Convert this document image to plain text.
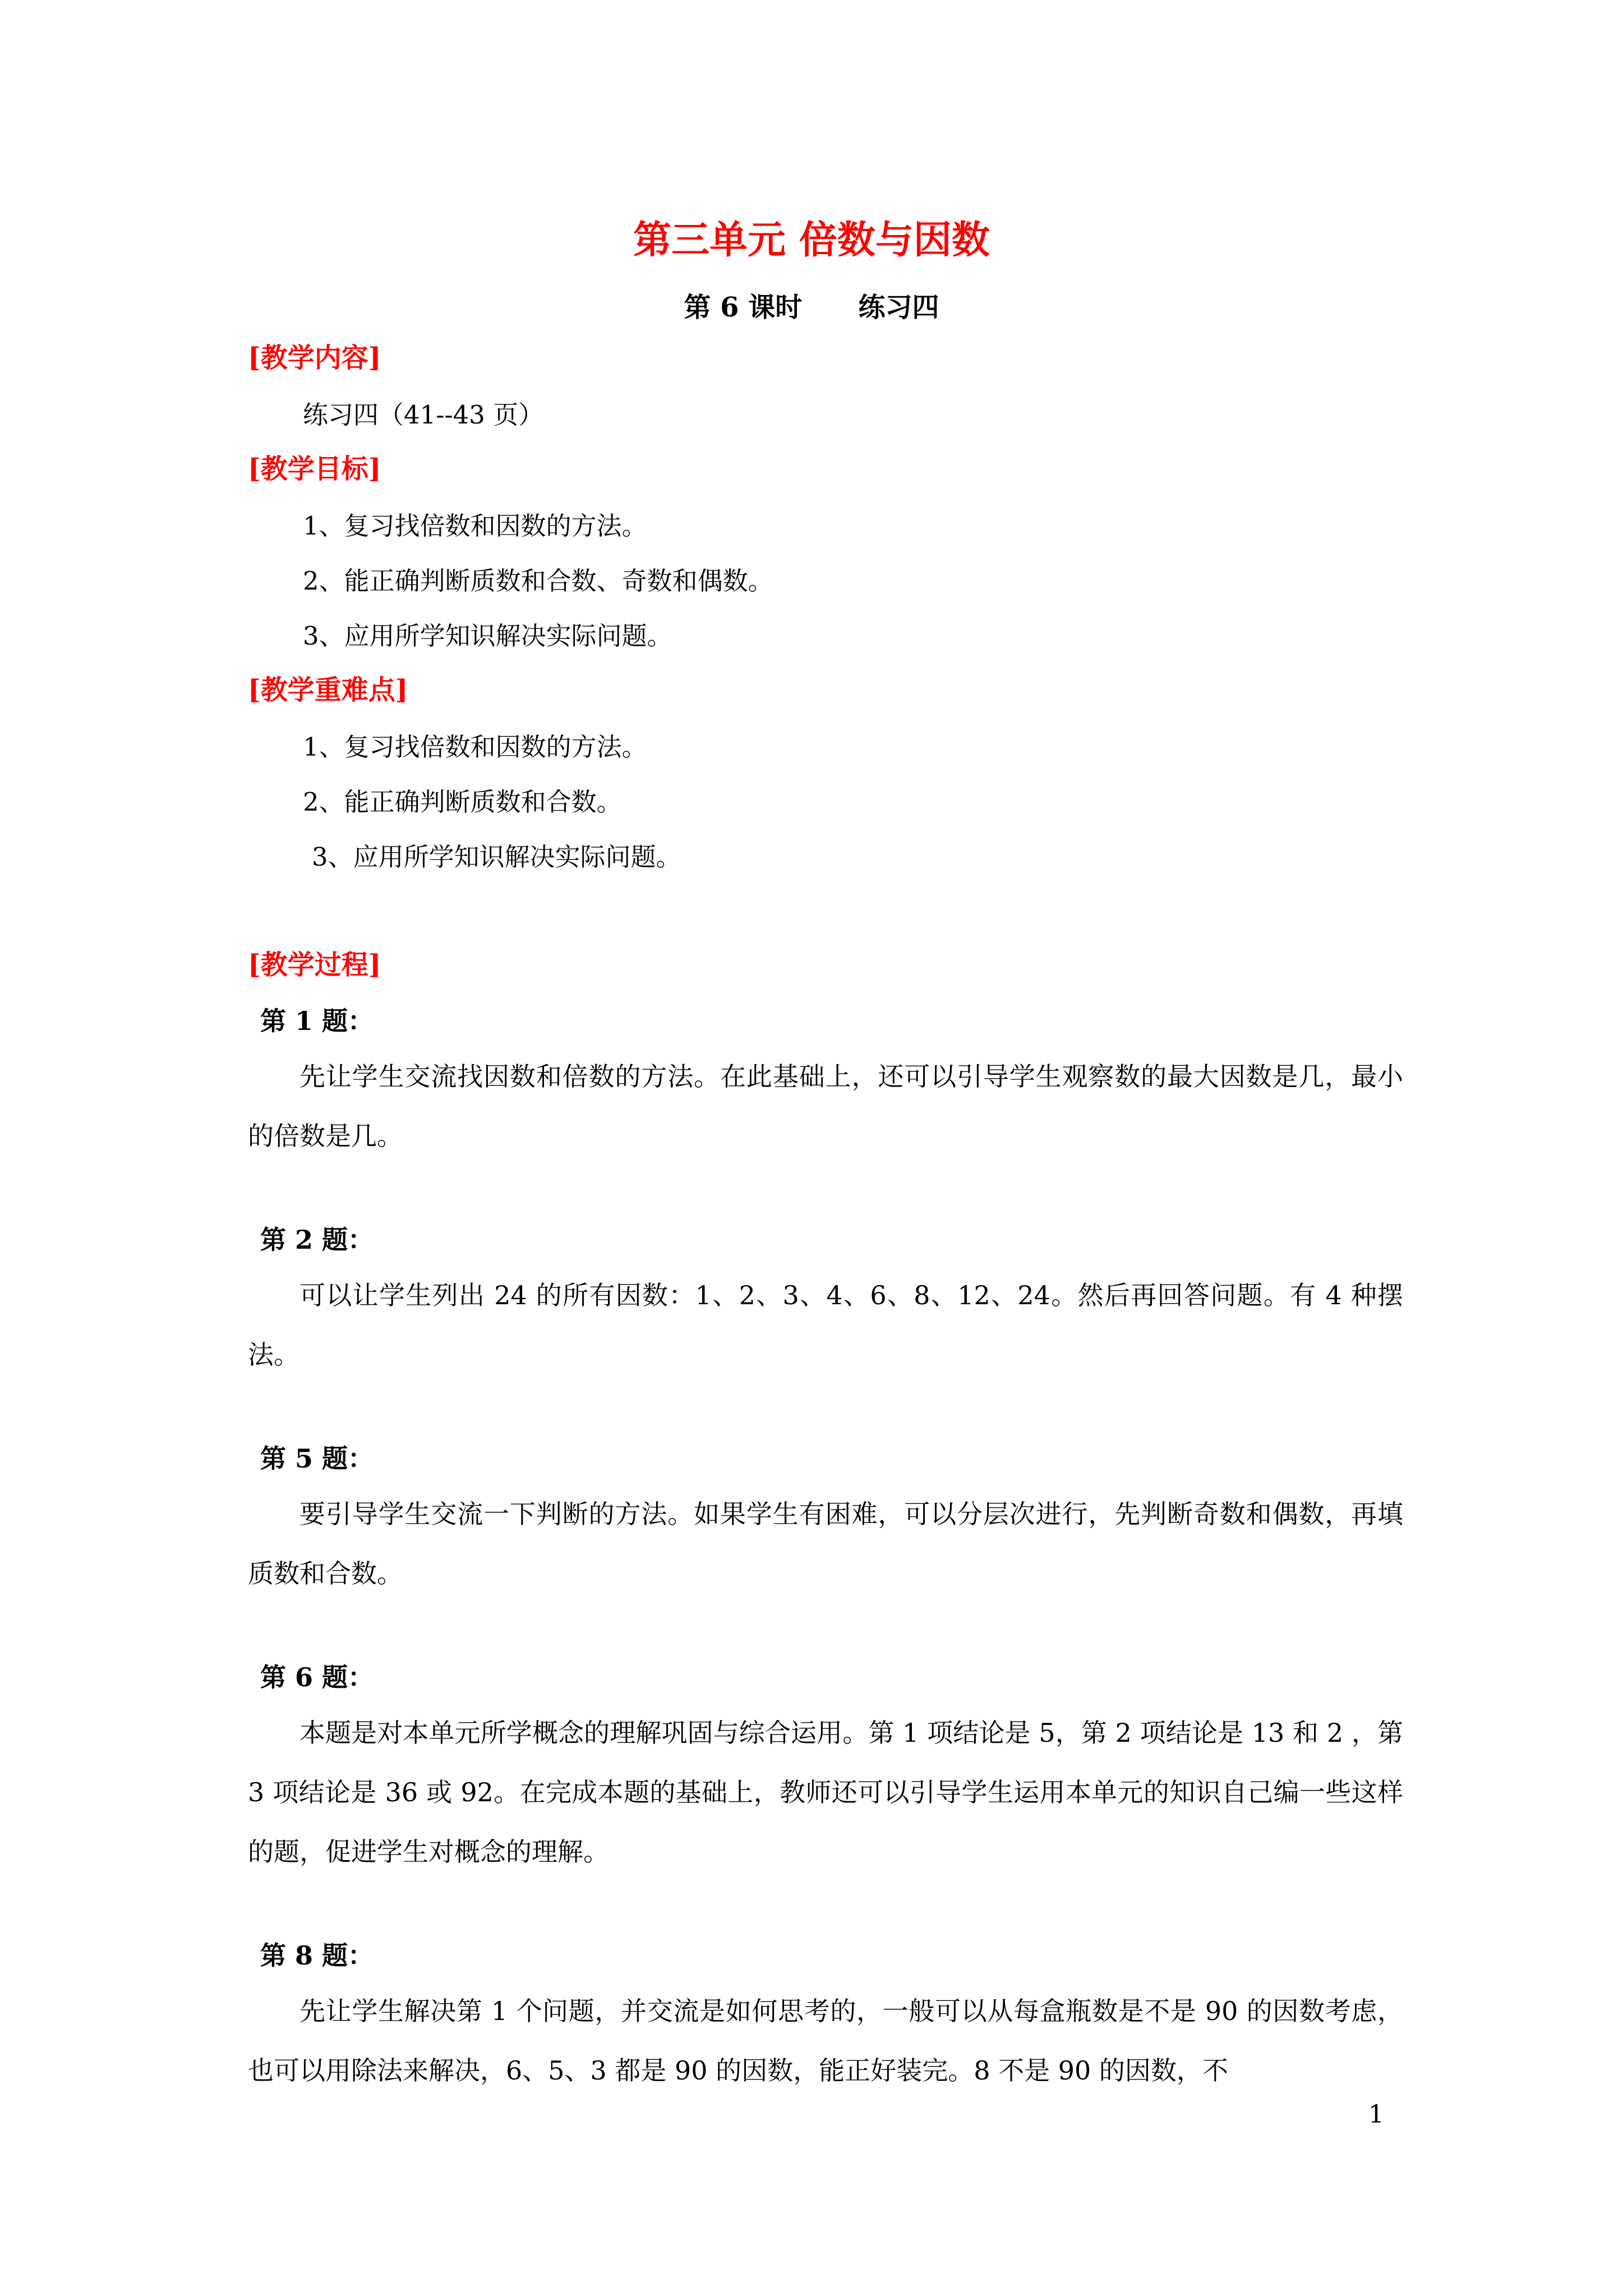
第三单元 倍数与因数
第 6 课时      练习四
[教学内容]
练习四（41--43 页）
[教学目标]
1、复习找倍数和因数的方法。
2、能正确判断质数和合数、奇数和偶数。
3、应用所学知识解决实际问题。
[教学重难点]
1、复习找倍数和因数的方法。
2、能正确判断质数和合数。
3、应用所学知识解决实际问题。
[教学过程]
第 1 题：
先让学生交流找因数和倍数的方法。在此基础上，还可以引导学生观察数的最大因数是几，最小的倍数是几。
第 2 题：
可以让学生列出 24 的所有因数：1、2、3、4、6、8、12、24。然后再回答问题。有 4 种摆法。
第 5 题：
要引导学生交流一下判断的方法。如果学生有困难，可以分层次进行，先判断奇数和偶数，再填质数和合数。
第 6 题：
本题是对本单元所学概念的理解巩固与综合运用。第 1 项结论是 5，第 2 项结论是 13 和 2 ，第 3 项结论是 36 或 92。在完成本题的基础上，教师还可以引导学生运用本单元的知识自己编一些这样的题，促进学生对概念的理解。
第 8 题：
先让学生解决第 1 个问题，并交流是如何思考的，一般可以从每盒瓶数是不是 90 的因数考虑，也可以用除法来解决，6、5、3 都是 90 的因数，能正好装完。8 不是 90 的因数，不
1
